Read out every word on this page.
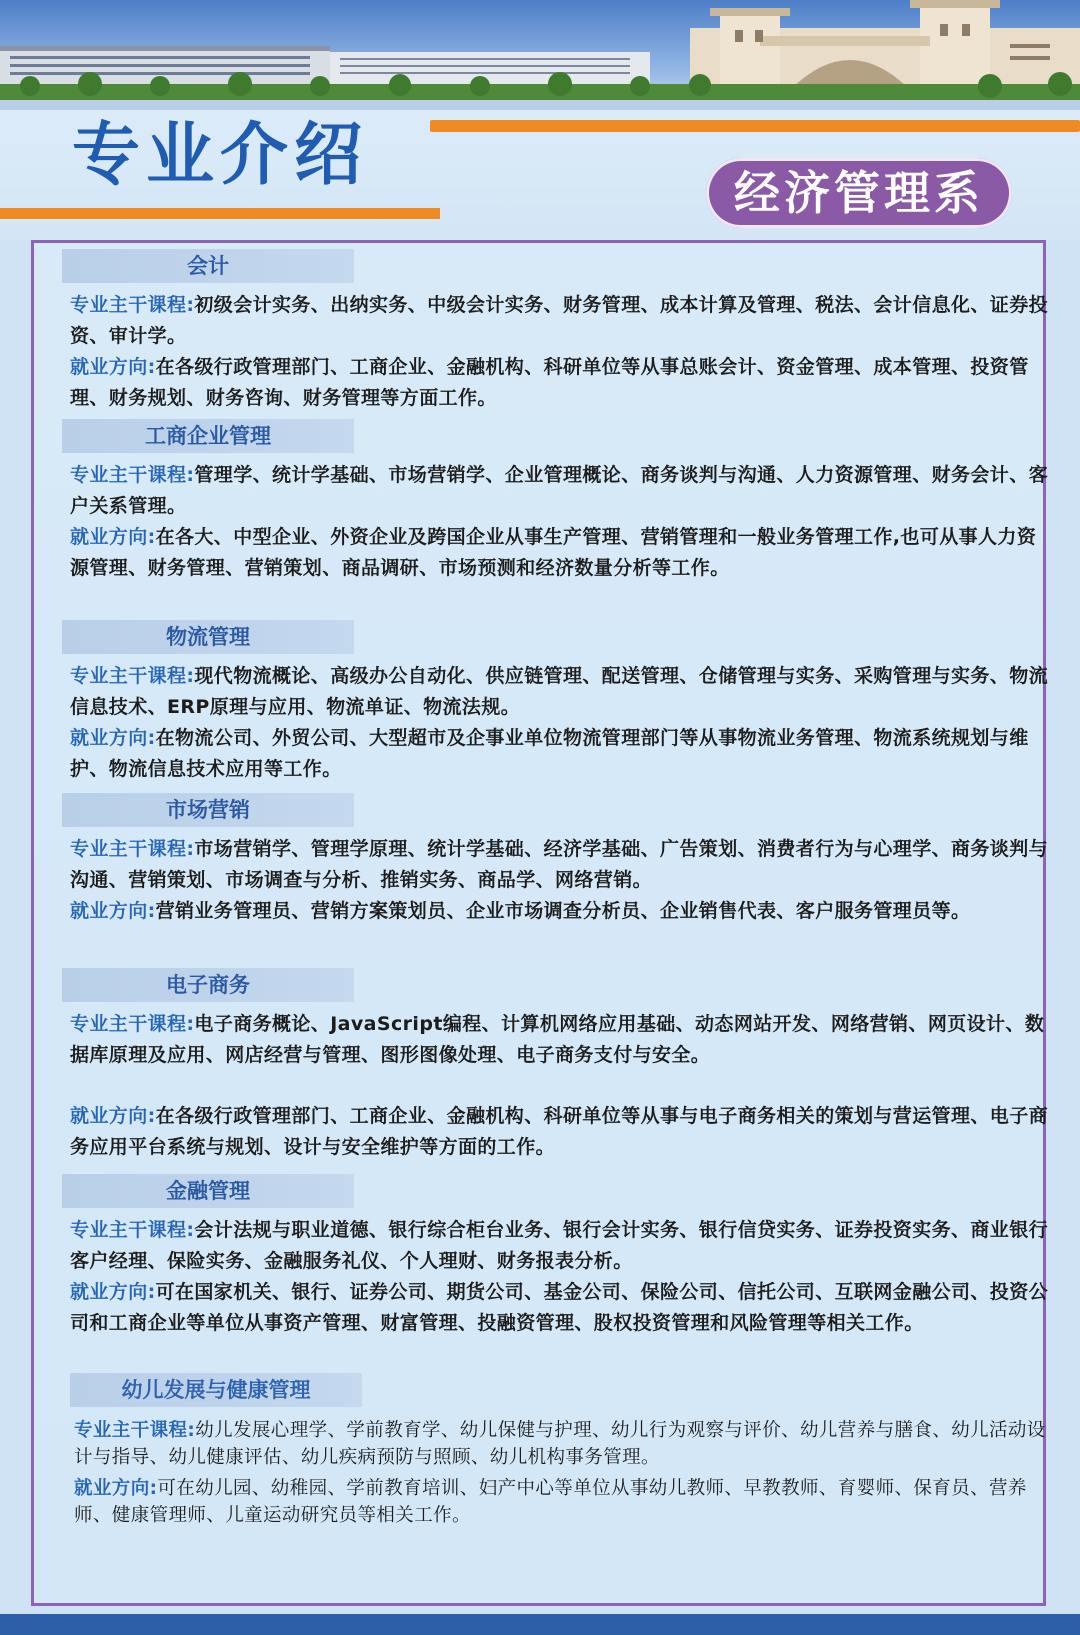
专业介绍	经济管理系
会计
专业主干课程:初级会计实务、出纳实务、中级会计实务、财务管理、成本计算及管理、税法、会计信息化、证券投资、审计学。
就业方向:在各级行政管理部门、工商企业、金融机构、科研单位等从事总账会计、资金管理、成本管理、投资管理、财务规划、财务咨询、财务管理等方面工作。
工商企业管理
专业主干课程:管理学、统计学基础、市场营销学、企业管理概论、商务谈判与沟通、人力资源管理、财务会计、客户关系管理。
就业方向:在各大、中型企业、外资企业及跨国企业从事生产管理、营销管理和一般业务管理工作,也可从事人力资源管理、财务管理、营销策划、商品调研、市场预测和经济数量分析等工作。
物流管理
专业主干课程:现代物流概论、高级办公自动化、供应链管理、配送管理、仓储管理与实务、采购管理与实务、物流信息技术、ERP原理与应用、物流单证、物流法规。
就业方向:在物流公司、外贸公司、大型超市及企事业单位物流管理部门等从事物流业务管理、物流系统规划与维护、物流信息技术应用等工作。
市场营销
专业主干课程:市场营销学、管理学原理、统计学基础、经济学基础、广告策划、消费者行为与心理学、商务谈判与沟通、营销策划、市场调查与分析、推销实务、商品学、网络营销。
就业方向:营销业务管理员、营销方案策划员、企业市场调查分析员、企业销售代表、客户服务管理员等。
电子商务
专业主干课程:电子商务概论、JavaScript编程、计算机网络应用基础、动态网站开发、网络营销、网页设计、数据库原理及应用、网店经营与管理、图形图像处理、电子商务支付与安全。
就业方向:在各级行政管理部门、工商企业、金融机构、科研单位等从事与电子商务相关的策划与营运管理、电子商务应用平台系统与规划、设计与安全维护等方面的工作。
金融管理
专业主干课程:会计法规与职业道德、银行综合柜台业务、银行会计实务、银行信贷实务、证券投资实务、商业银行客户经理、保险实务、金融服务礼仪、个人理财、财务报表分析。
就业方向:可在国家机关、银行、证券公司、期货公司、基金公司、保险公司、信托公司、互联网金融公司、投资公司和工商企业等单位从事资产管理、财富管理、投融资管理、股权投资管理和风险管理等相关工作。
幼儿发展与健康管理
专业主干课程:幼儿发展心理学、学前教育学、幼儿保健与护理、幼儿行为观察与评价、幼儿营养与膳食、幼儿活动设计与指导、幼儿健康评估、幼儿疾病预防与照顾、幼儿机构事务管理。
就业方向:可在幼儿园、幼稚园、学前教育培训、妇产中心等单位从事幼儿教师、早教教师、育婴师、保育员、营养师、健康管理师、儿童运动研究员等相关工作。
